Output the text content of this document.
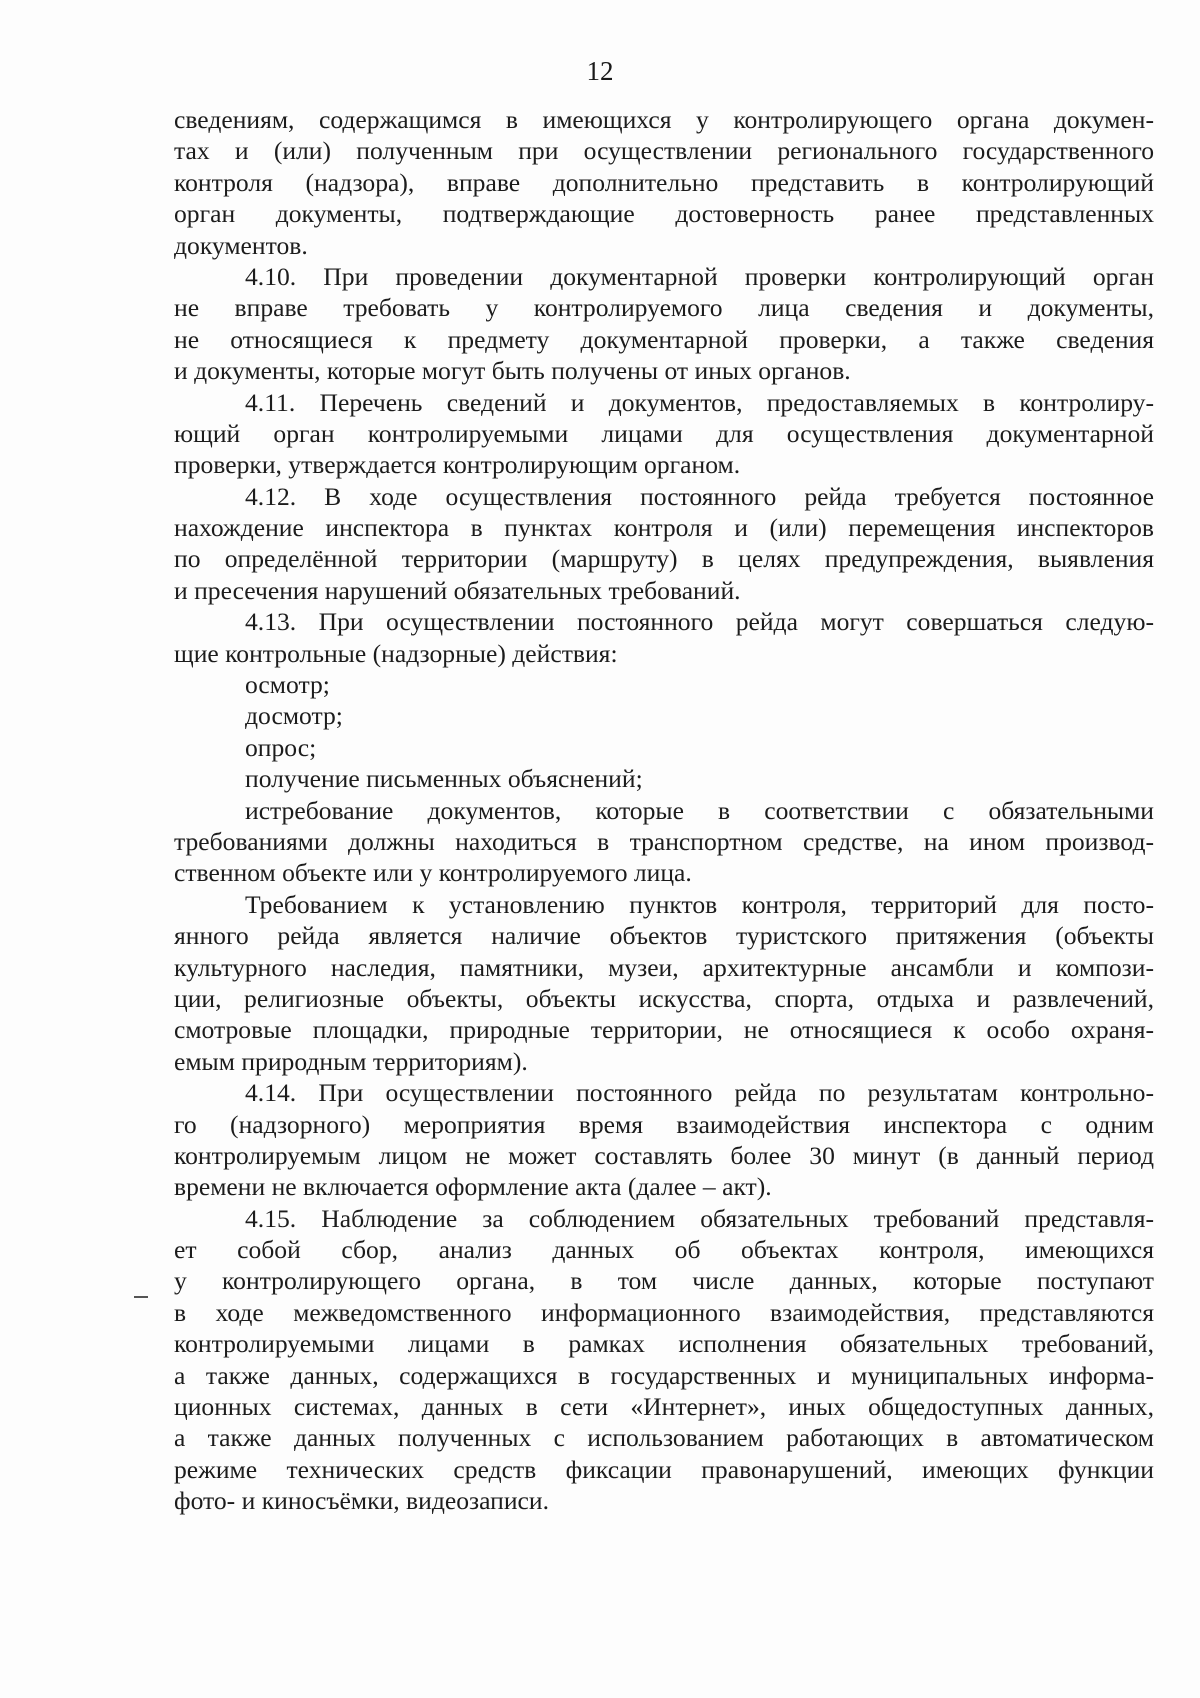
12
сведениям, содержащимся в имеющихся у контролирующего органа докумен-
тах и (или) полученным при осуществлении регионального государственного
контроля (надзора), вправе дополнительно представить в контролирующий
орган документы, подтверждающие достоверность ранее представленных
документов.
4.10. При проведении документарной проверки контролирующий орган
не вправе требовать у контролируемого лица сведения и документы,
не относящиеся к предмету документарной проверки, а также сведения
и документы, которые могут быть получены от иных органов.
4.11. Перечень сведений и документов, предоставляемых в контролиру-
ющий орган контролируемыми лицами для осуществления документарной
проверки, утверждается контролирующим органом.
4.12. В ходе осуществления постоянного рейда требуется постоянное
нахождение инспектора в пунктах контроля и (или) перемещения инспекторов
по определённой территории (маршруту) в целях предупреждения, выявления
и пресечения нарушений обязательных требований.
4.13. При осуществлении постоянного рейда могут совершаться следую-
щие контрольные (надзорные) действия:
осмотр;
досмотр;
опрос;
получение письменных объяснений;
истребование документов, которые в соответствии с обязательными
требованиями должны находиться в транспортном средстве, на ином производ-
ственном объекте или у контролируемого лица.
Требованием к установлению пунктов контроля, территорий для посто-
янного рейда является наличие объектов туристского притяжения (объекты
культурного наследия, памятники, музеи, архитектурные ансамбли и компози-
ции, религиозные объекты, объекты искусства, спорта, отдыха и развлечений,
смотровые площадки, природные территории, не относящиеся к особо охраня-
емым природным территориям).
4.14. При осуществлении постоянного рейда по результатам контрольно-
го (надзорного) мероприятия время взаимодействия инспектора с одним
контролируемым лицом не может составлять более 30 минут (в данный период
времени не включается оформление акта (далее – акт).
4.15. Наблюдение за соблюдением обязательных требований представля-
ет собой сбор, анализ данных об объектах контроля, имеющихся
у контролирующего органа, в том числе данных, которые поступают
в ходе межведомственного информационного взаимодействия, представляются
контролируемыми лицами в рамках исполнения обязательных требований,
а также данных, содержащихся в государственных и муниципальных информа-
ционных системах, данных в сети «Интернет», иных общедоступных данных,
а также данных полученных с использованием работающих в автоматическом
режиме технических средств фиксации правонарушений, имеющих функции
фото- и киносъёмки, видеозаписи.
